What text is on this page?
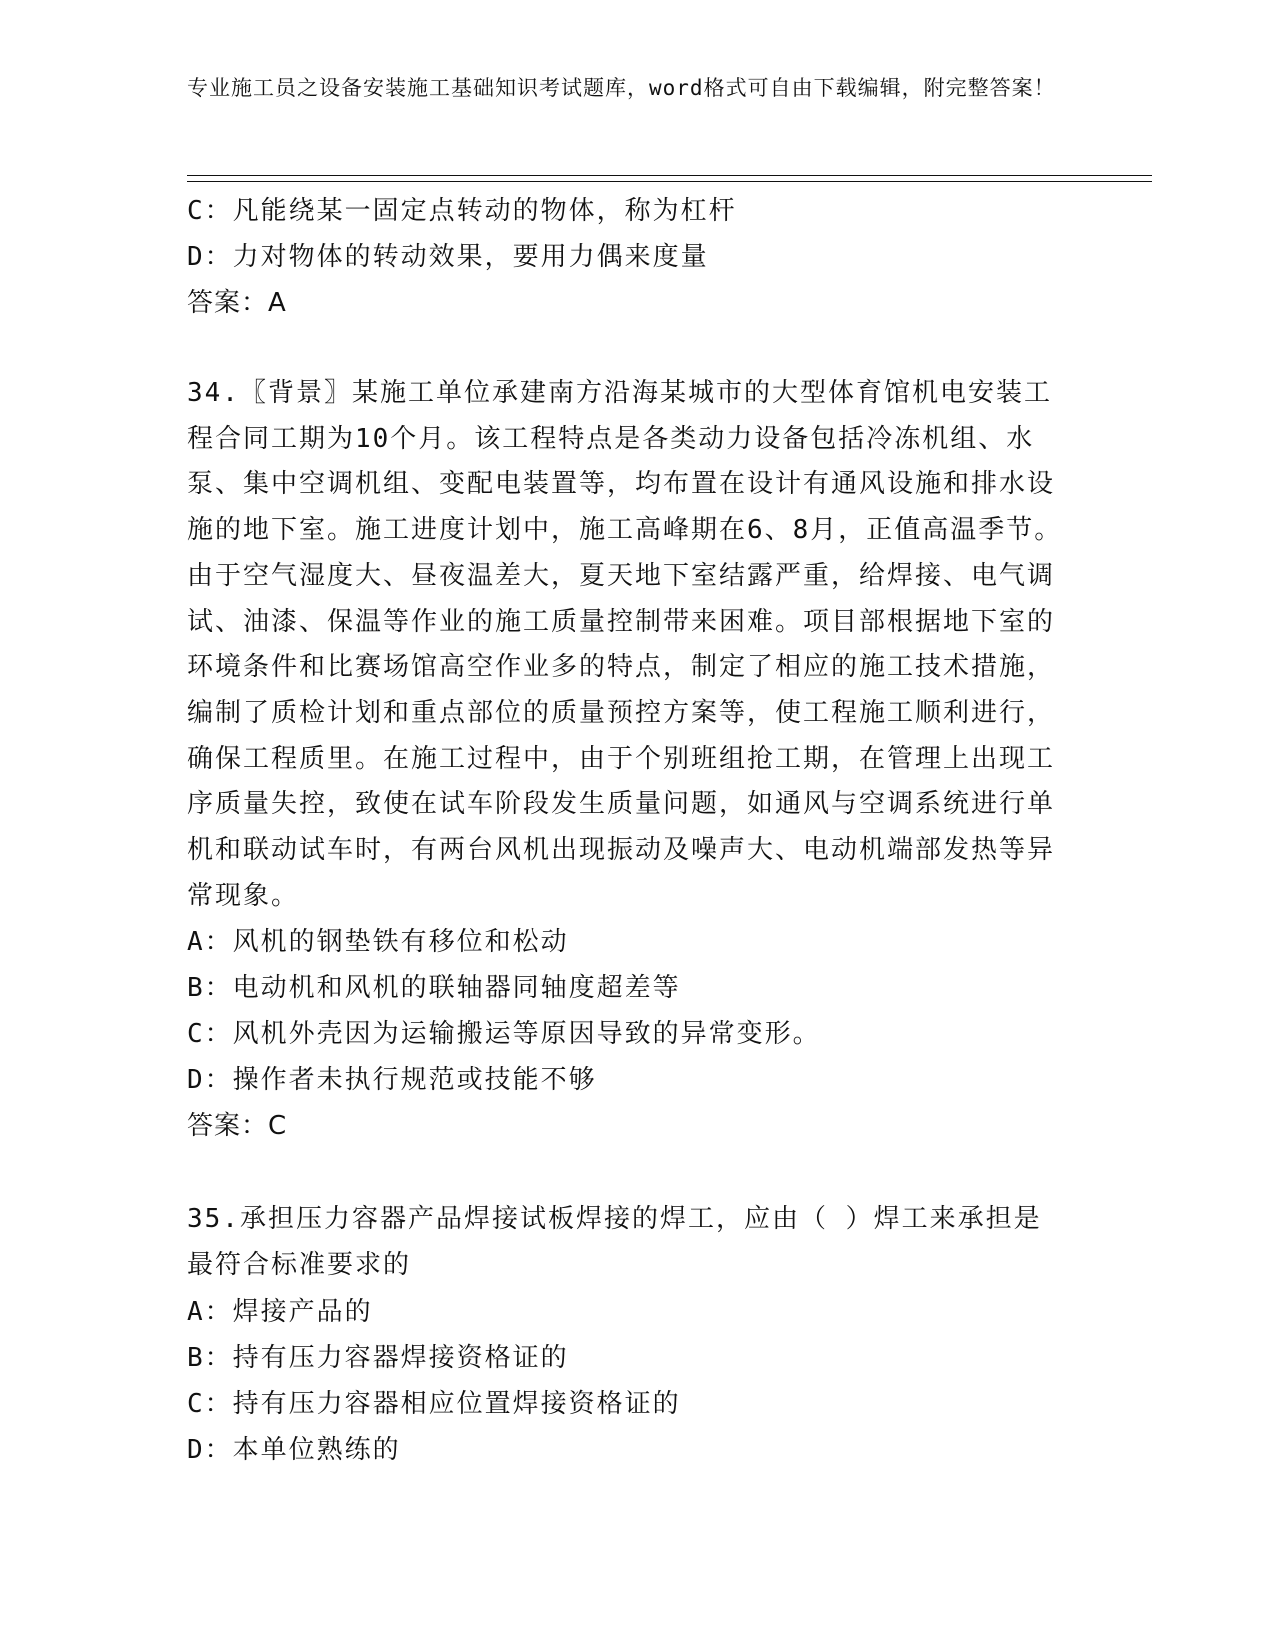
专业施工员之设备安装施工基础知识考试题库，word格式可自由下载编辑，附完整答案！
C：凡能绕某一固定点转动的物体，称为杠杆
D：力对物体的转动效果，要用力偶来度量
答案：A
34.〖背景〗某施工单位承建南方沿海某城市的大型体育馆机电安装工程合同工期为10个月。该工程特点是各类动力设备包括冷冻机组、水泵、集中空调机组、变配电装置等，均布置在设计有通风设施和排水设施的地下室。施工进度计划中，施工高峰期在6、8月，正值高温季节。由于空气湿度大、昼夜温差大，夏天地下室结露严重，给焊接、电气调试、油漆、保温等作业的施工质量控制带来困难。项目部根据地下室的环境条件和比赛场馆高空作业多的特点，制定了相应的施工技术措施，编制了质检计划和重点部位的质量预控方案等，使工程施工顺利进行，确保工程质里。在施工过程中，由于个别班组抢工期，在管理上出现工序质量失控，致使在试车阶段发生质量问题，如通风与空调系统进行单机和联动试车时，有两台风机出现振动及噪声大、电动机端部发热等异常现象。
A：风机的钢垫铁有移位和松动
B：电动机和风机的联轴器同轴度超差等
C：风机外壳因为运输搬运等原因导致的异常变形。
D：操作者未执行规范或技能不够
答案：C
35.承担压力容器产品焊接试板焊接的焊工，应由（ ）焊工来承担是最符合标准要求的
A：焊接产品的
B：持有压力容器焊接资格证的
C：持有压力容器相应位置焊接资格证的
D：本单位熟练的
